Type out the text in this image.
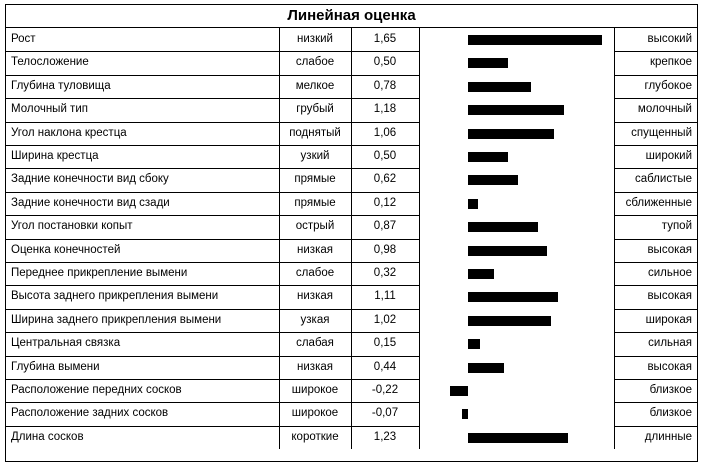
Линейная оценка
Рост	низкий	1,65	высокий
Телосложение	слабое	0,50	крепкое
Глубина туловища	мелкое	0,78	глубокое
Молочный тип	грубый	1,18	молочный
Угол наклона крестца	поднятый	1,06	спущенный
Ширина крестца	узкий	0,50	широкий
Задние конечности вид сбоку	прямые	0,62	саблистые
Задние конечности вид сзади	прямые	0,12	сближенные
Угол постановки копыт	острый	0,87	тупой
Оценка конечностей	низкая	0,98	высокая
Переднее прикрепление вымени	слабое	0,32	сильное
Высота заднего прикрепления вымени	низкая	1,11	высокая
Ширина заднего прикрепления вымени	узкая	1,02	широкая
Центральная связка	слабая	0,15	сильная
Глубина вымени	низкая	0,44	высокая
Расположение передних сосков	широкое	-0,22	близкое
Расположение задних сосков	широкое	-0,07	близкое
Длина сосков	короткие	1,23	длинные
